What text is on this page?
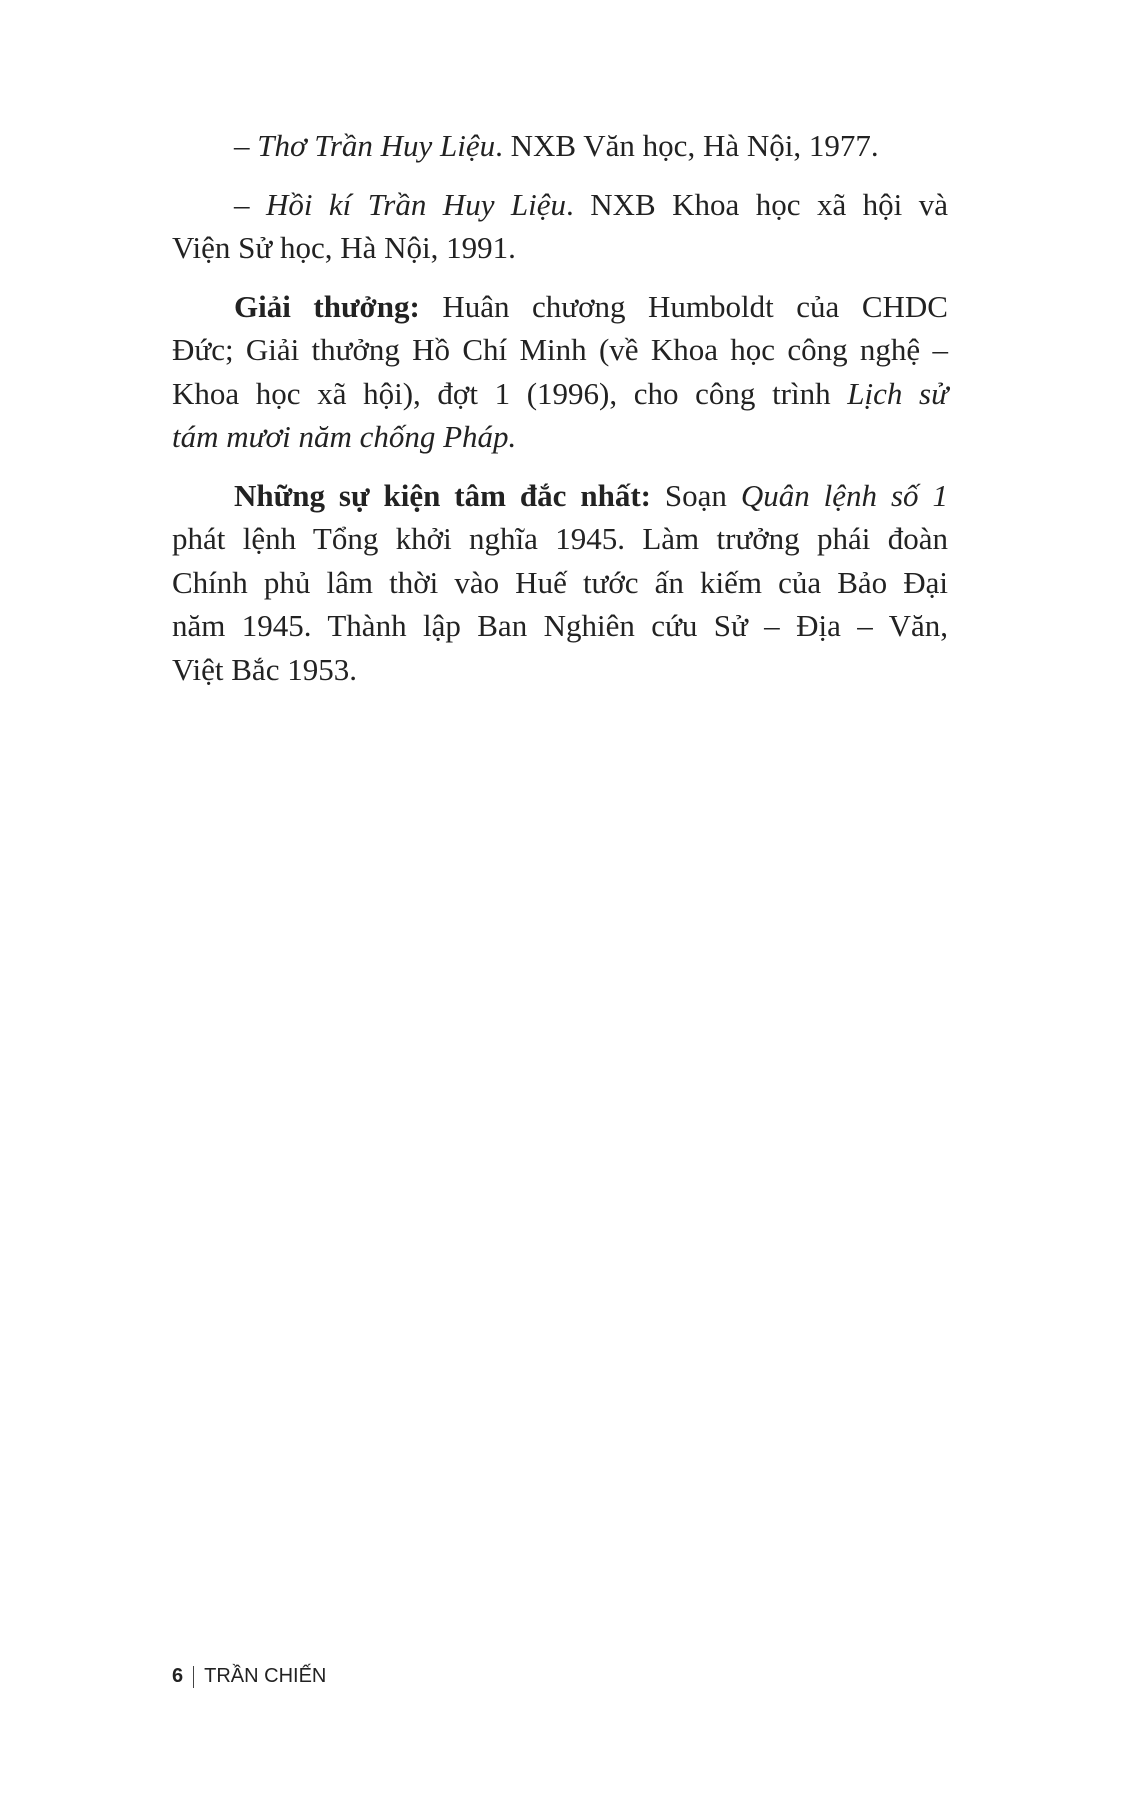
– Thơ Trần Huy Liệu. NXB Văn học, Hà Nội, 1977.
– Hồi kí Trần Huy Liệu. NXB Khoa học xã hội và
Viện Sử học, Hà Nội, 1991.
Giải thưởng: Huân chương Humboldt của CHDC
Đức; Giải thưởng Hồ Chí Minh (về Khoa học công nghệ –
Khoa học xã hội), đợt 1 (1996), cho công trình Lịch sử
tám mươi năm chống Pháp.
Những sự kiện tâm đắc nhất: Soạn Quân lệnh số 1
phát lệnh Tổng khởi nghĩa 1945. Làm trưởng phái đoàn
Chính phủ lâm thời vào Huế tước ấn kiếm của Bảo Đại
năm 1945. Thành lập Ban Nghiên cứu Sử – Địa – Văn,
Việt Bắc 1953.
6 TRẦN CHIẾN
